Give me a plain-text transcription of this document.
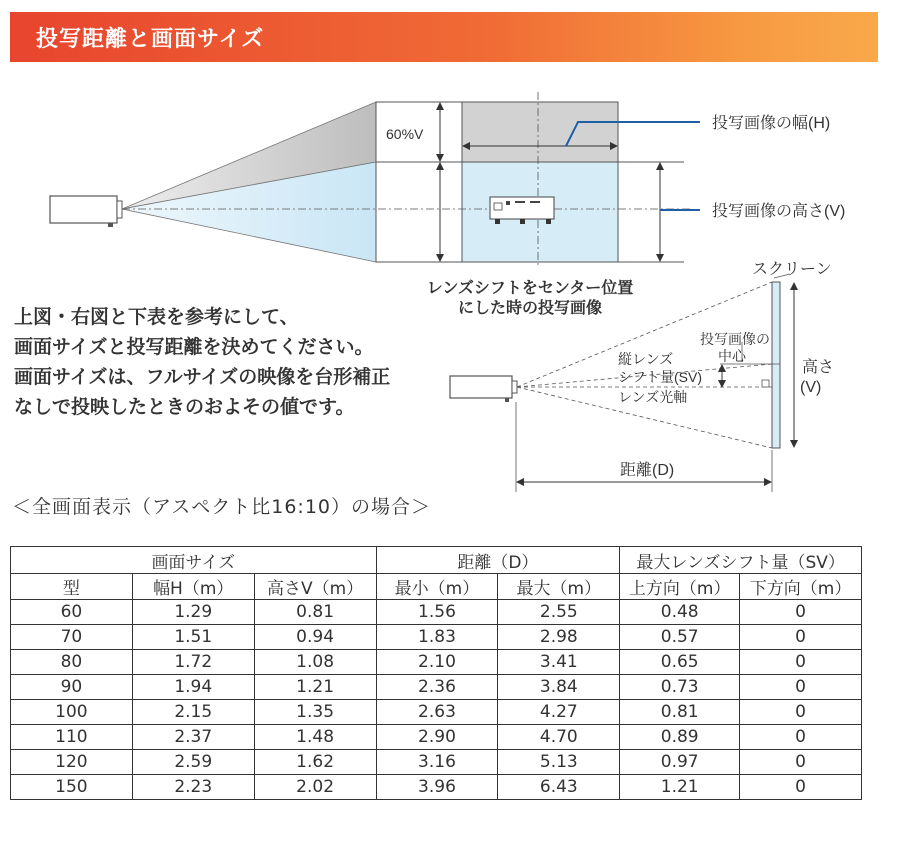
投写距離と画面サイズ
60%V
投写画像の幅(H)
投写画像の高さ(V)
スクリーン
投写画像の
中心
縦レンズ
シフト量(SV)
レンズ光軸
高さ
(V)
距離(D)
レンズシフトをセンター位置
にした時の投写画像
上図・右図と下表を参考にして、
画面サイズと投写距離を決めてください。
画面サイズは、フルサイズの映像を台形補正
なしで投映したときのおよその値です。
＜全画面表示（アスペクト比16:10）の場合＞
画面サイズ			距離（D）		最大レンズシフト量（SV）	
型	幅H（m）	高さV（m）	最小（m）	最大（m）	上方向（m）	下方向（m）
60	1.29	0.81	1.56	2.55	0.48	0
70	1.51	0.94	1.83	2.98	0.57	0
80	1.72	1.08	2.10	3.41	0.65	0
90	1.94	1.21	2.36	3.84	0.73	0
100	2.15	1.35	2.63	4.27	0.81	0
110	2.37	1.48	2.90	4.70	0.89	0
120	2.59	1.62	3.16	5.13	0.97	0
150	2.23	2.02	3.96	6.43	1.21	0
